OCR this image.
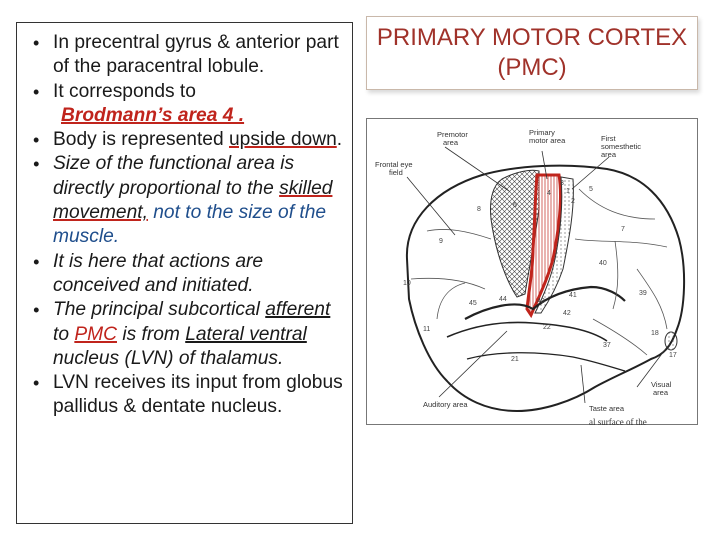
• In precentral gyrus & anterior part of the paracentral lobule.
• It corresponds to
Brodmann’s area 4 .
• Body is represented upside down.
• Size of the functional area is directly proportional to the skilled movement, not to the size of the muscle.
• It is here that actions are conceived and initiated.
• The principal subcortical afferent to PMC is from Lateral ventral nucleus (LVN) of thalamus.
• LVN receives its input from globus pallidus & dentate nucleus.
PRIMARY MOTOR CORTEX
(PMC)
Premotor
area
Primary
motor area	First
somesthetic
area
Frontal eye
field
Taste area
Auditory area
Visual
area
al surface of the
8
6
4
3
1
2
5
7
9
40
10
45
44	43
41	39
11
42
22
37
18
21
17
